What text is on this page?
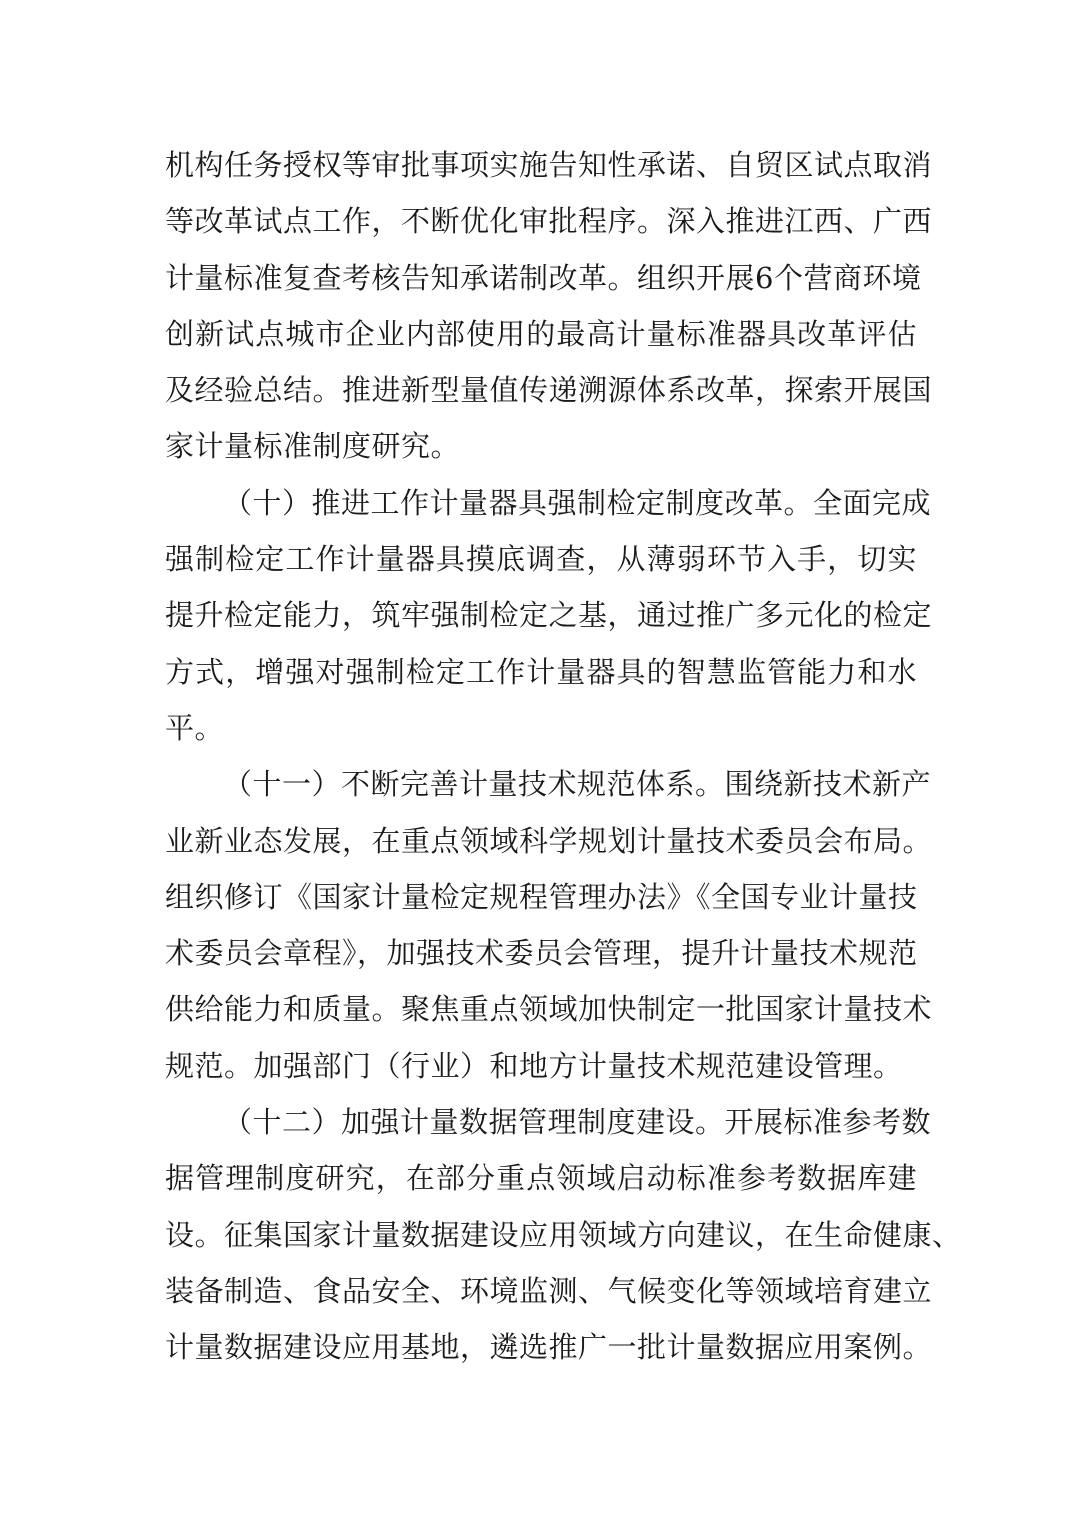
机构任务授权等审批事项实施告知性承诺、自贸区试点取消
等改革试点工作，不断优化审批程序。深入推进江西、广西
计量标准复查考核告知承诺制改革。组织开展6个营商环境
创新试点城市企业内部使用的最高计量标准器具改革评估
及经验总结。推进新型量值传递溯源体系改革，探索开展国
家计量标准制度研究。
（十）推进工作计量器具强制检定制度改革。全面完成
强制检定工作计量器具摸底调查，从薄弱环节入手，切实
提升检定能力，筑牢强制检定之基，通过推广多元化的检定
方式，增强对强制检定工作计量器具的智慧监管能力和水
平。
（十一）不断完善计量技术规范体系。围绕新技术新产
业新业态发展，在重点领域科学规划计量技术委员会布局。
组织修订《国家计量检定规程管理办法》《全国专业计量技
术委员会章程》，加强技术委员会管理，提升计量技术规范
供给能力和质量。聚焦重点领域加快制定一批国家计量技术
规范。加强部门（行业）和地方计量技术规范建设管理。
（十二）加强计量数据管理制度建设。开展标准参考数
据管理制度研究，在部分重点领域启动标准参考数据库建
设。征集国家计量数据建设应用领域方向建议，在生命健康、
装备制造、食品安全、环境监测、气候变化等领域培育建立
计量数据建设应用基地，遴选推广一批计量数据应用案例。
